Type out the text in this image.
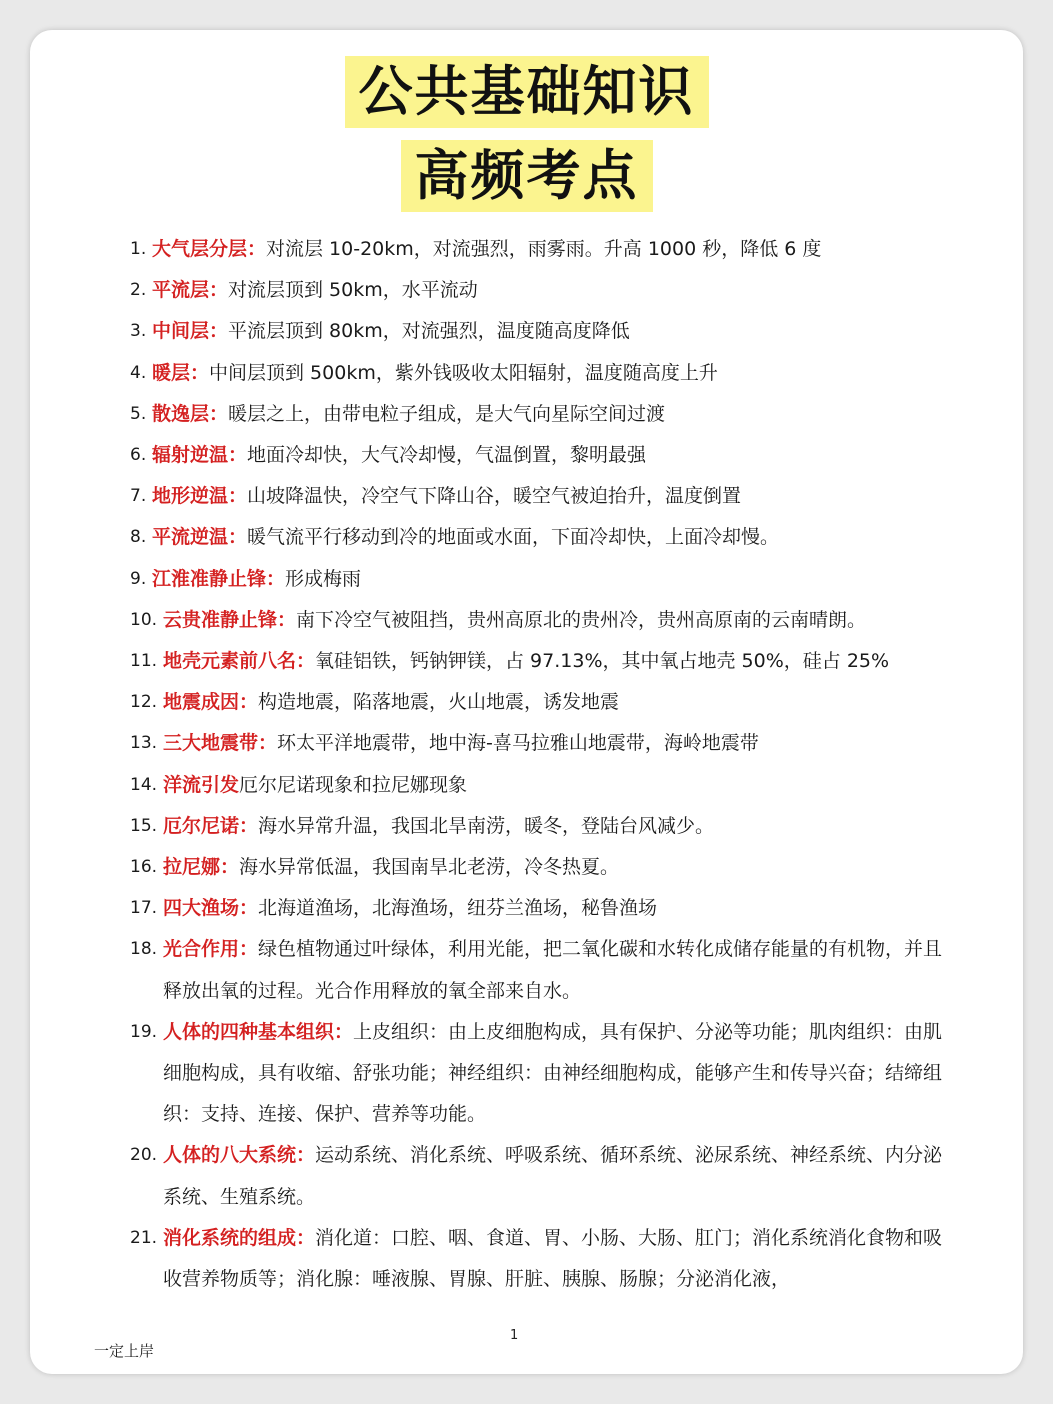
公共基础知识
高频考点
1. 大气层分层：对流层 10-20km，对流强烈，雨雾雨。升高 1000 秒，降低 6 度
2. 平流层：对流层顶到 50km，水平流动
3. 中间层：平流层顶到 80km，对流强烈，温度随高度降低
4. 暖层：中间层顶到 500km，紫外钱吸收太阳辐射，温度随高度上升
5. 散逸层：暖层之上，由带电粒子组成，是大气向星际空间过渡
6. 辐射逆温：地面冷却快，大气冷却慢，气温倒置，黎明最强
7. 地形逆温：山坡降温快，冷空气下降山谷，暖空气被迫抬升，温度倒置
8. 平流逆温：暖气流平行移动到冷的地面或水面，下面冷却快，上面冷却慢。
9. 江淮准静止锋：形成梅雨
10. 云贵准静止锋：南下冷空气被阻挡，贵州高原北的贵州冷，贵州高原南的云南晴朗。
11. 地壳元素前八名：氧硅铝铁，钙钠钾镁，占 97.13%，其中氧占地壳 50%，硅占 25%
12. 地震成因：构造地震，陷落地震，火山地震，诱发地震
13. 三大地震带：环太平洋地震带，地中海-喜马拉雅山地震带，海岭地震带
14. 洋流引发厄尔尼诺现象和拉尼娜现象
15. 厄尔尼诺：海水异常升温，我国北旱南涝，暖冬，登陆台风减少。
16. 拉尼娜：海水异常低温，我国南旱北老涝，冷冬热夏。
17. 四大渔场：北海道渔场，北海渔场，纽芬兰渔场，秘鲁渔场
18. 光合作用：绿色植物通过叶绿体，利用光能，把二氧化碳和水转化成储存能量的有机物，并且释放出氧的过程。光合作用释放的氧全部来自水。
19. 人体的四种基本组织：上皮组织：由上皮细胞构成，具有保护、分泌等功能；肌肉组织：由肌细胞构成，具有收缩、舒张功能；神经组织：由神经细胞构成，能够产生和传导兴奋；结缔组织：支持、连接、保护、营养等功能。
20. 人体的八大系统：运动系统、消化系统、呼吸系统、循环系统、泌尿系统、神经系统、内分泌系统、生殖系统。
21. 消化系统的组成：消化道：口腔、咽、食道、胃、小肠、大肠、肛门；消化系统消化食物和吸收营养物质等；消化腺：唾液腺、胃腺、肝脏、胰腺、肠腺；分泌消化液，
一定上岸
1
